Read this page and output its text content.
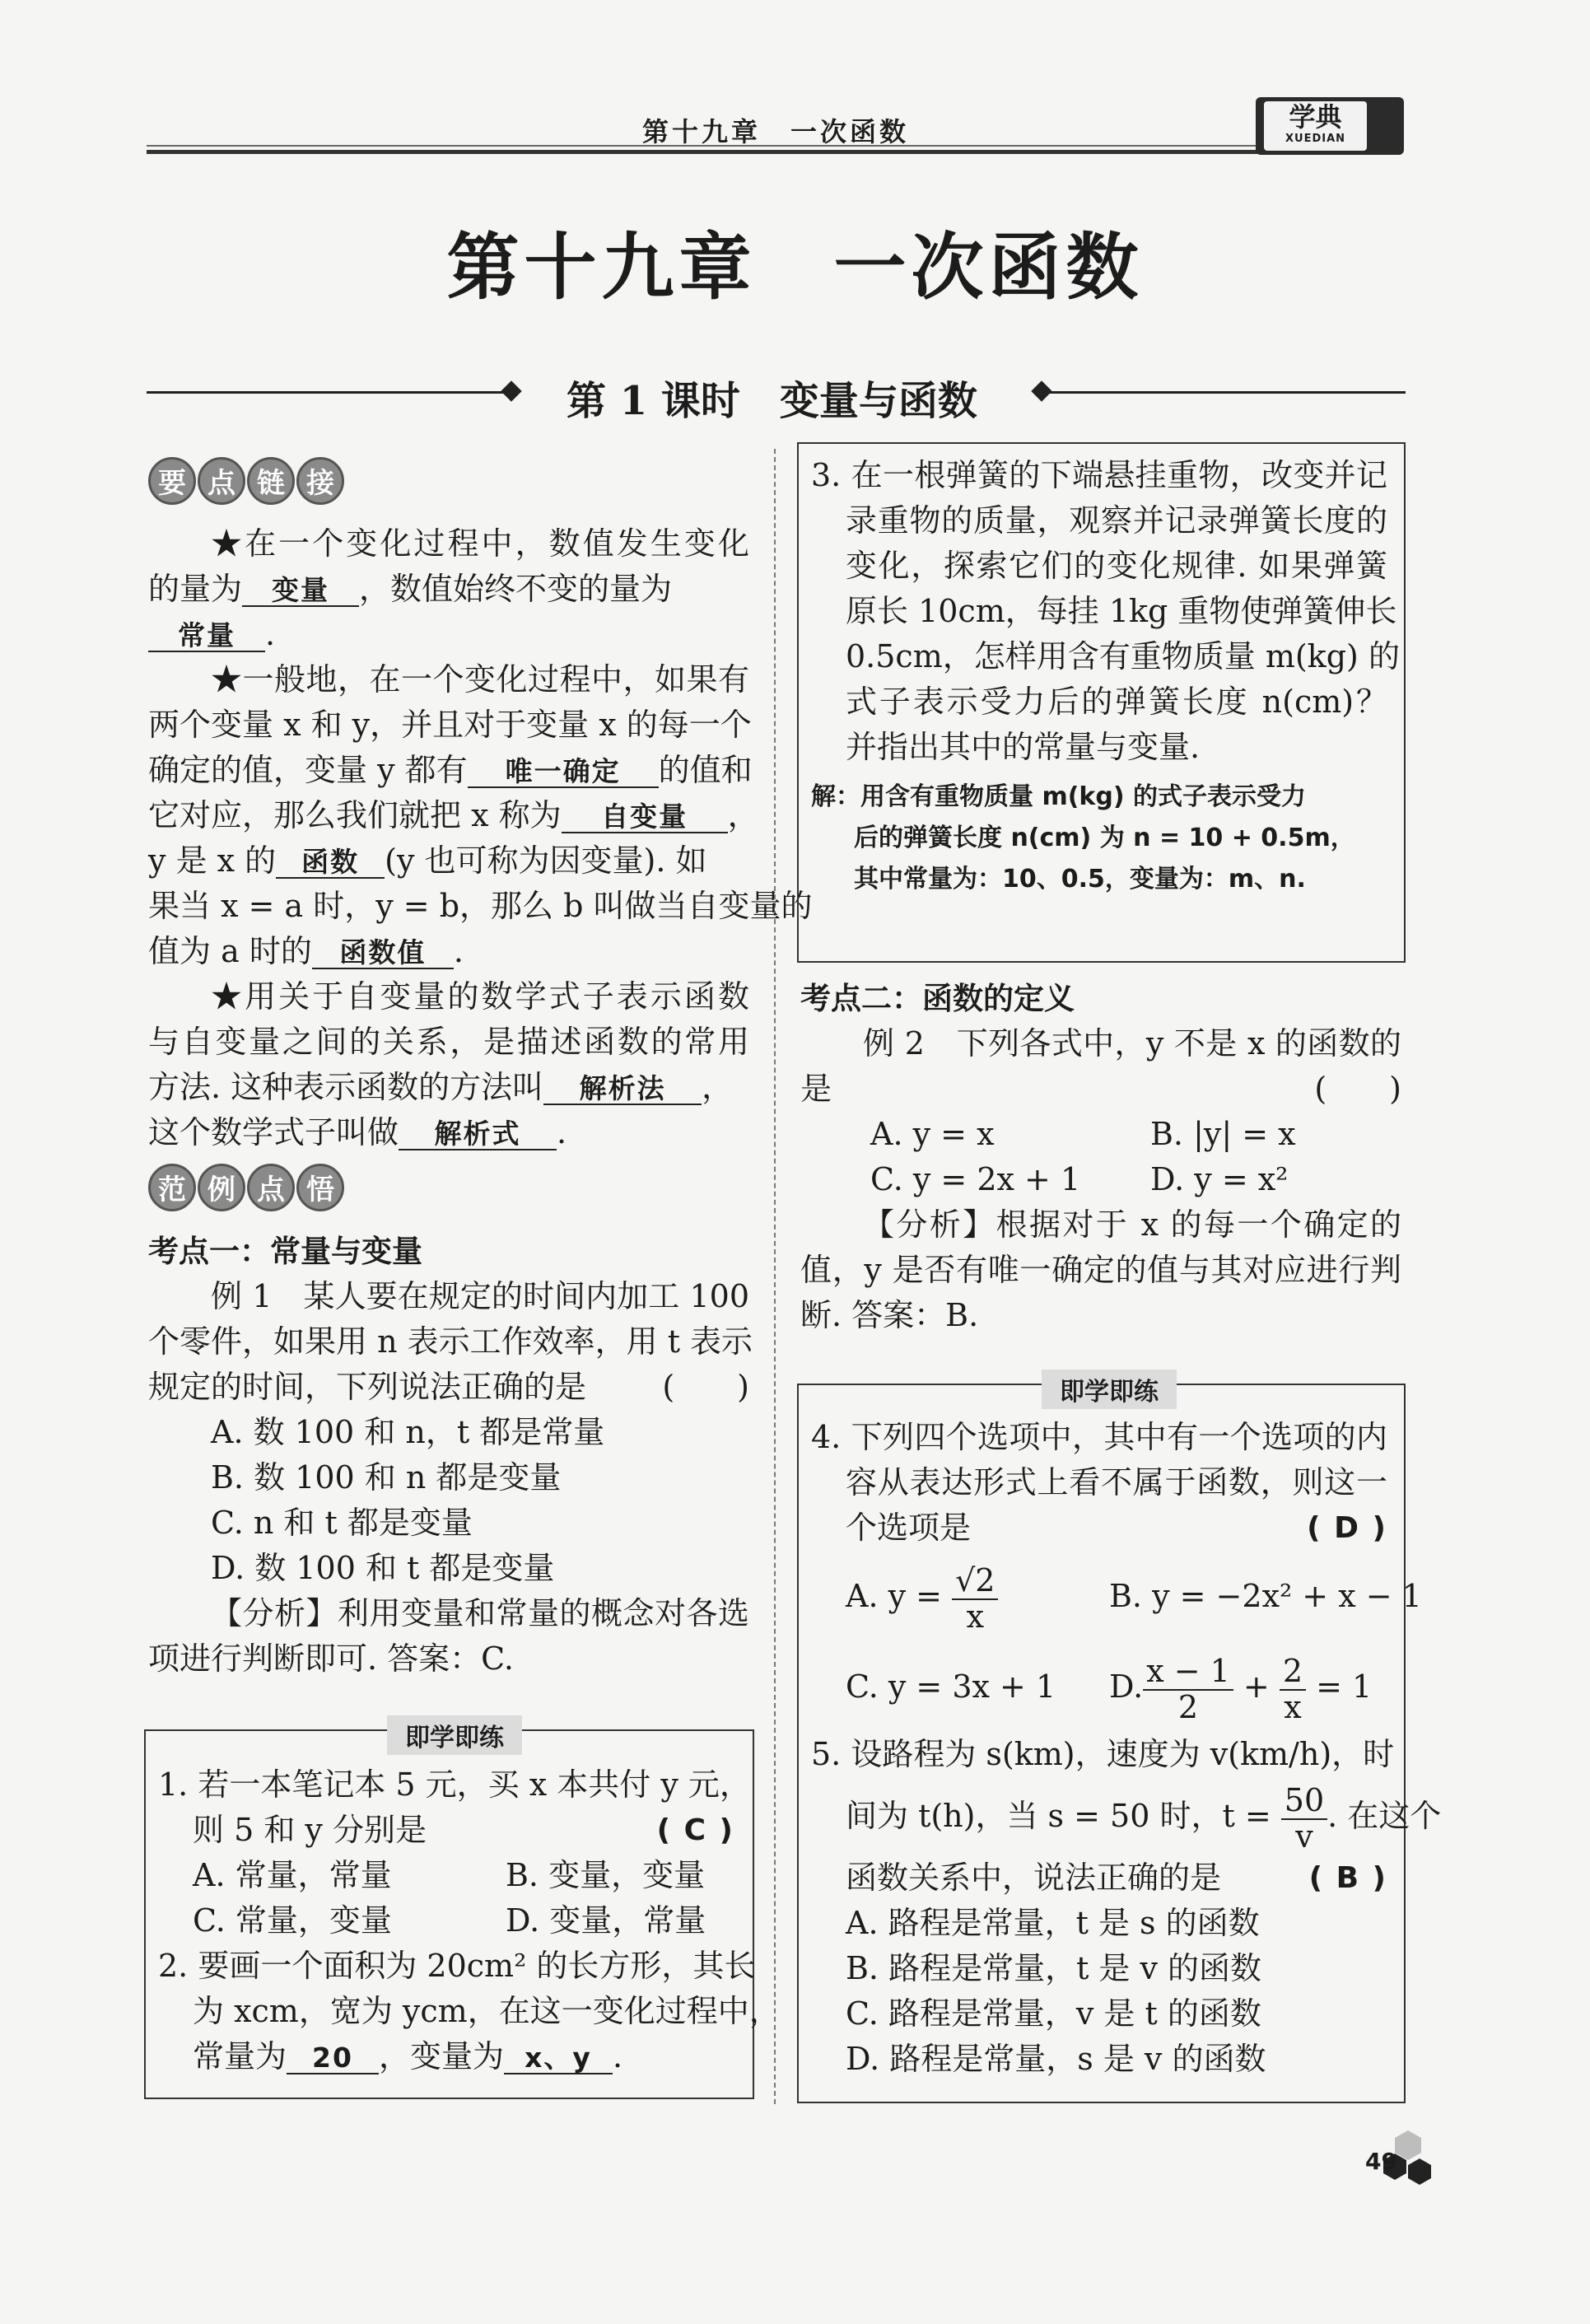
第十九章　一次函数	学典
XUEDIAN
第十九章　一次函数
第 1 课时　变量与函数
要 点 链 接
★在一个变化过程中，数值发生变化
的量为 变量 ，数值始终不变的量为
常量 .
★一般地，在一个变化过程中，如果有
两个变量 x 和 y，并且对于变量 x 的每一个
确定的值，变量 y 都有 唯一确定 的值和
它对应，那么我们就把 x 称为 自变量 ，
y 是 x 的 函数 (y 也可称为因变量). 如
果当 x = a 时，y = b，那么 b 叫做当自变量的
值为 a 时的 函数值 .
★用关于自变量的数学式子表示函数
与自变量之间的关系，是描述函数的常用
方法. 这种表示函数的方法叫 解析法 ，
这个数学式子叫做 解析式 .
范 例 点 悟
考点一：常量与变量
例 1　某人要在规定的时间内加工 100
个零件，如果用 n 表示工作效率，用 t 表示
规定的时间，下列说法正确的是 (　　)
A. 数 100 和 n，t 都是常量
B. 数 100 和 n 都是变量
C. n 和 t 都是变量
D. 数 100 和 t 都是变量
【分析】利用变量和常量的概念对各选
项进行判断即可. 答案：C.
即学即练
1. 若一本笔记本 5 元，买 x 本共付 y 元，
则 5 和 y 分别是	( C )
A. 常量，常量	B. 变量，变量
C. 常量，变量	D. 变量，常量
2. 要画一个面积为 20cm² 的长方形，其长
为 xcm，宽为 ycm，在这一变化过程中，
常量为 20 ，变量为 x、y .
3. 在一根弹簧的下端悬挂重物，改变并记
录重物的质量，观察并记录弹簧长度的
变化，探索它们的变化规律. 如果弹簧
原长 10cm，每挂 1kg 重物使弹簧伸长
0.5cm，怎样用含有重物质量 m(kg) 的
式子表示受力后的弹簧长度 n(cm)？
并指出其中的常量与变量.
解：用含有重物质量 m(kg) 的式子表示受力
后的弹簧长度 n(cm) 为 n = 10 + 0.5m，
其中常量为：10、0.5，变量为：m、n.
考点二：函数的定义
例 2　下列各式中，y 不是 x 的函数的
是	(　　)
A. y = x	B. |y| = x
C. y = 2x + 1 D. y = x²
【分析】根据对于 x 的每一个确定的
值，y 是否有唯一确定的值与其对应进行判
断. 答案：B.
即学即练
4. 下列四个选项中，其中有一个选项的内
容从表达形式上看不属于函数，则这一
个选项是	( D )
A. $y = \frac{√2}{x}$	B. y = −2x² + x − 1
C. y = 3x + 1 D. $\frac{x - 1}{2} + \frac{2}{x} = 1$
5. 设路程为 s(km)，速度为 v(km/h)，时
间为 t(h)，当 s = 50 时，$t = \frac{50}{v}$ . 在这个
函数关系中，说法正确的是	( B )
A. 路程是常量，t 是 s 的函数
B. 路程是常量，t 是 v 的函数
C. 路程是常量，v 是 t 的函数
D. 路程是常量，s 是 v 的函数
49
